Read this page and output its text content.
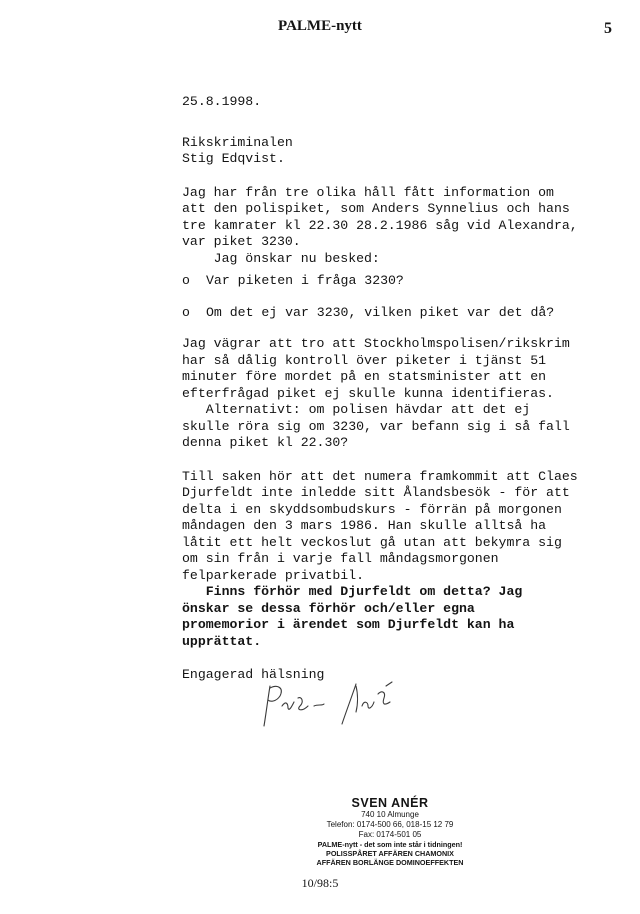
PALME-nytt	5

25.8.1998.

Rikskriminalen

Stig Edqvist.

Jag har från tre olika håll fått information om

att den polispiket, som Anders Synnelius och hans

tre kamrater kl 22.30 28.2.1986 såg vid Alexandra,

var piket 3230.

Jag önskar nu besked:

o Var piketen i fråga 3230?
o Om det ej var 3230, vilken piket var det då?

Jag vägrar att tro att Stockholmspolisen/rikskrim

har så dålig kontroll över piketer i tjänst 51

minuter före mordet på en statsminister att en

efterfrågad piket ej skulle kunna identifieras.

Alternativt: om polisen hävdar att det ej

skulle röra sig om 3230, var befann sig i så fall

denna piket kl 22.30?

Till saken hör att det numera framkommit att Claes

Djurfeldt inte inledde sitt Ålandsbesök - för att

delta i en skyddsombudskurs - förrän på morgonen

måndagen den 3 mars 1986. Han skulle alltså ha

låtit ett helt veckoslut gå utan att bekymra sig

om sin från i varje fall måndagsmorgonen

felparkerade privatbil.

Finns förhör med Djurfeldt om detta? Jag

önskar se dessa förhör och/eller egna

promemorior i ärendet som Djurfeldt kan ha

upprättat.

Engagerad hälsning

SVEN ANÉR
740 10 Almunge
Telefon: 0174-500 66, 018-15 12 79
Fax: 0174-501 05
PALME-nytt - det som inte står i tidningen!
POLISSPÅRET AFFÄREN CHAMONIX
AFFÄREN BORLÄNGE DOMINOEFFEKTEN
10/98:5
